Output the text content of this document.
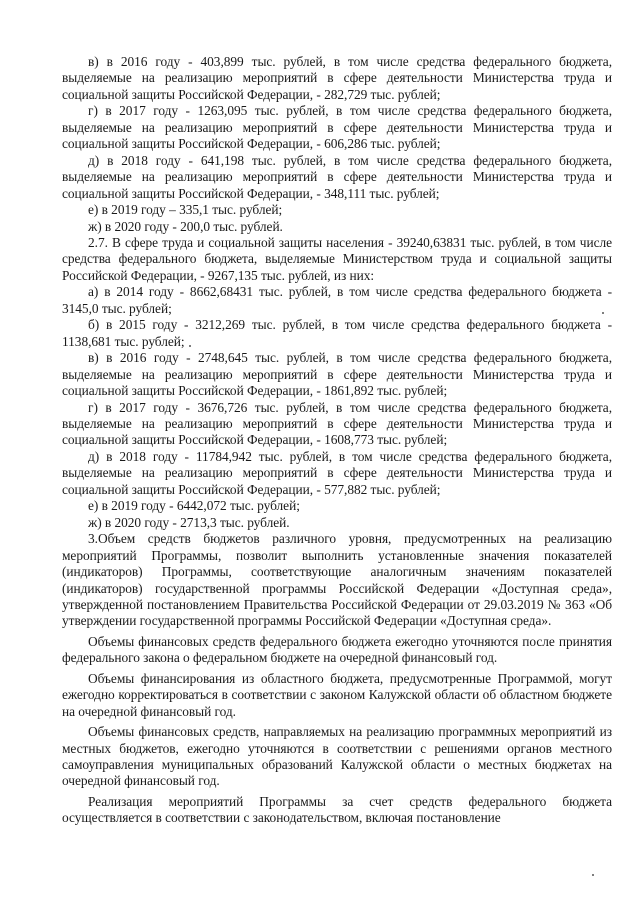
в) в 2016 году - 403,899 тыс. рублей, в том числе средства федерального бюджета, выделяемые на реализацию мероприятий в сфере деятельности Министерства труда и социальной защиты Российской Федерации, - 282,729 тыс. рублей;

г) в 2017 году - 1263,095 тыс. рублей, в том числе средства федерального бюджета, выделяемые на реализацию мероприятий в сфере деятельности Министерства труда и социальной защиты Российской Федерации, - 606,286 тыс. рублей;

д) в 2018 году - 641,198 тыс. рублей, в том числе средства федерального бюджета, выделяемые на реализацию мероприятий в сфере деятельности Министерства труда и социальной защиты Российской Федерации, - 348,111 тыс. рублей;

е) в 2019 году – 335,1 тыс. рублей;

ж) в 2020 году - 200,0 тыс. рублей.

2.7. В сфере труда и социальной защиты населения - 39240,63831 тыс. рублей, в том числе средства федерального бюджета, выделяемые Министерством труда и социальной защиты Российской Федерации, - 9267,135 тыс. рублей, из них:

а) в 2014 году - 8662,68431 тыс. рублей, в том числе средства федерального бюджета - 3145,0 тыс. рублей;

б) в 2015 году - 3212,269 тыс. рублей, в том числе средства федерального бюджета - 1138,681 тыс. рублей;

в) в 2016 году - 2748,645 тыс. рублей, в том числе средства федерального бюджета, выделяемые на реализацию мероприятий в сфере деятельности Министерства труда и социальной защиты Российской Федерации, - 1861,892 тыс. рублей;

г) в 2017 году - 3676,726 тыс. рублей, в том числе средства федерального бюджета, выделяемые на реализацию мероприятий в сфере деятельности Министерства труда и социальной защиты Российской Федерации, - 1608,773 тыс. рублей;

д) в 2018 году - 11784,942 тыс. рублей, в том числе средства федерального бюджета, выделяемые на реализацию мероприятий в сфере деятельности Министерства труда и социальной защиты Российской Федерации, - 577,882 тыс. рублей;

е) в 2019 году - 6442,072 тыс. рублей;

ж) в 2020 году - 2713,3 тыс. рублей.

3.Объем средств бюджетов различного уровня, предусмотренных на реализацию мероприятий Программы, позволит выполнить установленные значения показателей (индикаторов) Программы, соответствующие аналогичным значениям показателей (индикаторов) государственной программы Российской Федерации «Доступная среда», утвержденной постановлением Правительства Российской Федерации от 29.03.2019 № 363 «Об утверждении государственной программы Российской Федерации «Доступная среда».

Объемы финансовых средств федерального бюджета ежегодно уточняются после принятия федерального закона о федеральном бюджете на очередной финансовый год.

Объемы финансирования из областного бюджета, предусмотренные Программой, могут ежегодно корректироваться в соответствии с законом Калужской области об областном бюджете на очередной финансовый год.

Объемы финансовых средств, направляемых на реализацию программных мероприятий из местных бюджетов, ежегодно уточняются в соответствии с решениями органов местного самоуправления муниципальных образований Калужской области о местных бюджетах на очередной финансовый год.

Реализация мероприятий Программы за счет средств федерального бюджета осуществляется в соответствии с законодательством, включая постановление
